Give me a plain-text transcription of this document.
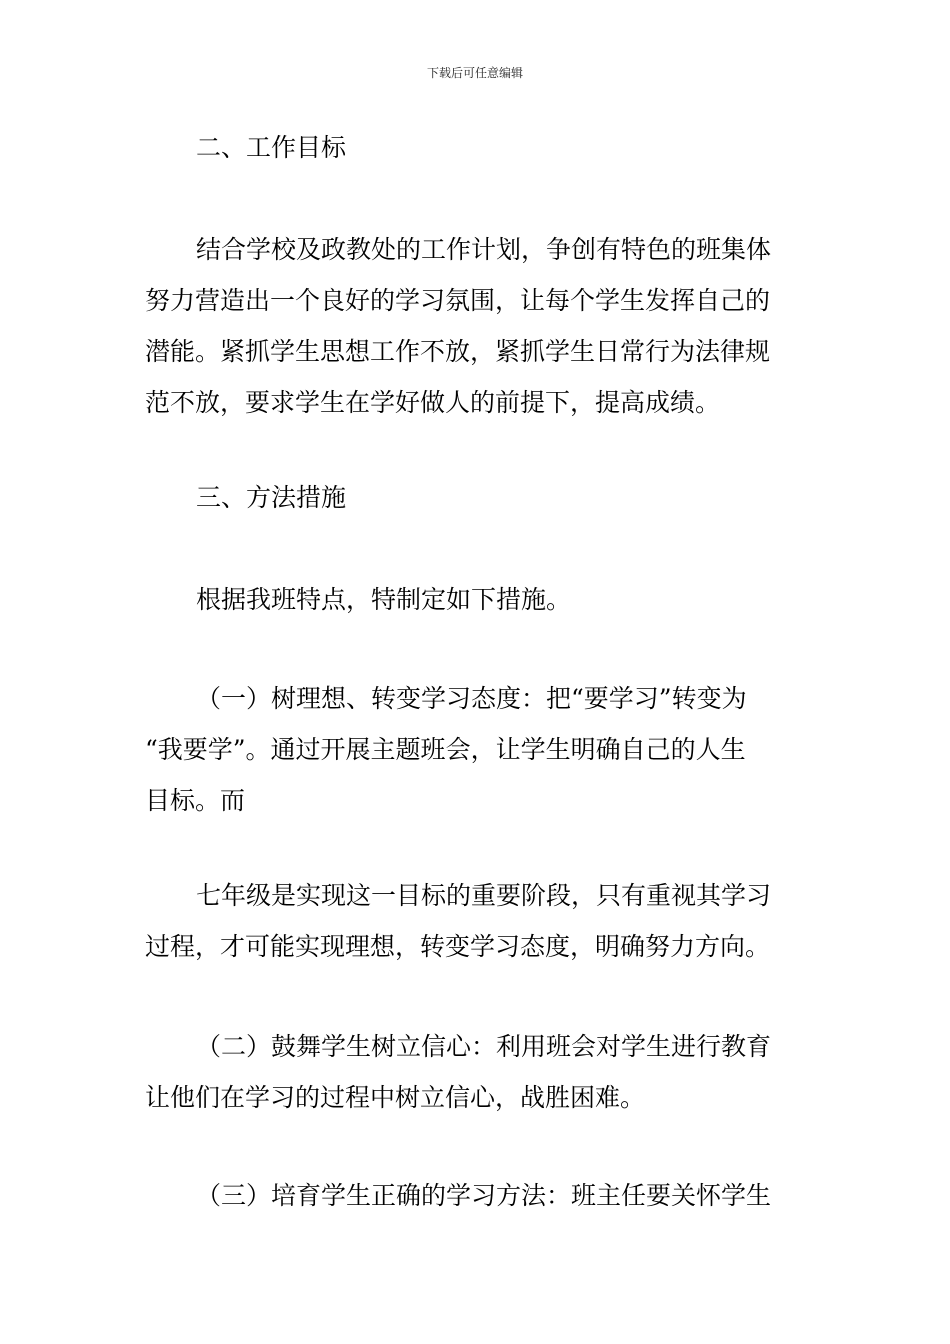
下载后可任意编辑
二、工作目标
结合学校及政教处的工作计划，争创有特色的班集体
努力营造出一个良好的学习氛围，让每个学生发挥自己的
潜能。紧抓学生思想工作不放，紧抓学生日常行为法律规
范不放，要求学生在学好做人的前提下，提高成绩。
三、方法措施
根据我班特点，特制定如下措施。
（一）树理想、转变学习态度：把“要学习”转变为
“我要学”。通过开展主题班会，让学生明确自己的人生
目标。而
七年级是实现这一目标的重要阶段，只有重视其学习
过程，才可能实现理想，转变学习态度，明确努力方向。
（二）鼓舞学生树立信心：利用班会对学生进行教育
让他们在学习的过程中树立信心，战胜困难。
（三）培育学生正确的学习方法：班主任要关怀学生
